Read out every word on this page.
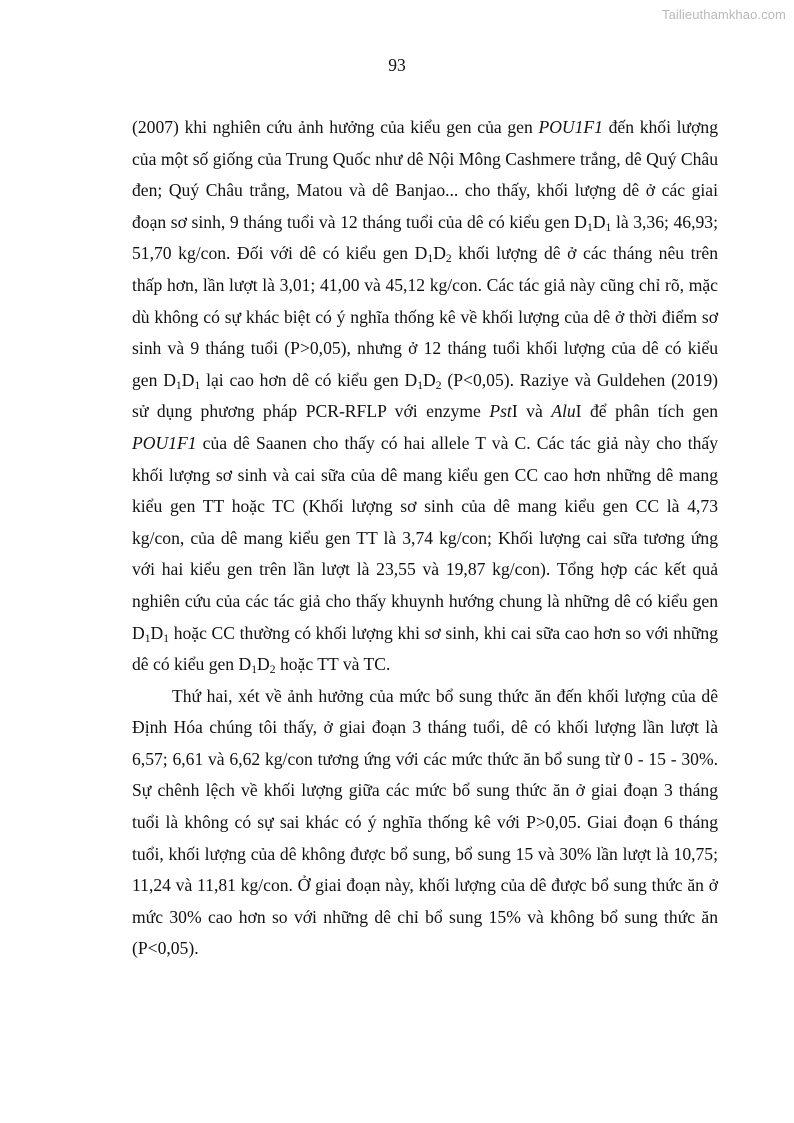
Tailieuthamkhao.com
93

(2007) khi nghiên cứu ảnh hưởng của kiểu gen của gen POU1F1 đến khối lượng của một số giống của Trung Quốc như dê Nội Mông Cashmere trắng, dê Quý Châu đen; Quý Châu trắng, Matou và dê Banjao... cho thấy, khối lượng dê ở các giai đoạn sơ sinh, 9 tháng tuổi và 12 tháng tuổi của dê có kiểu gen $D_1D_1$ là 3,36; 46,93; 51,70 kg/con. Đối với dê có kiểu gen $D_1D_2$ khối lượng dê ở các tháng nêu trên thấp hơn, lần lượt là 3,01; 41,00 và 45,12 kg/con. Các tác giả này cũng chỉ rõ, mặc dù không có sự khác biệt có ý nghĩa thống kê về khối lượng của dê ở thời điểm sơ sinh và 9 tháng tuổi (P>0,05), nhưng ở 12 tháng tuổi khối lượng của dê có kiểu gen $D_1D_1$ lại cao hơn dê có kiểu gen $D_1D_2$ (P<0,05). Raziye và Guldehen (2019) sử dụng phương pháp PCR-RFLP với enzyme PstI và AluI để phân tích gen POU1F1 của dê Saanen cho thấy có hai allele T và C. Các tác giả này cho thấy khối lượng sơ sinh và cai sữa của dê mang kiểu gen CC cao hơn những dê mang kiểu gen TT hoặc TC (Khối lượng sơ sinh của dê mang kiểu gen CC là 4,73 kg/con, của dê mang kiểu gen TT là 3,74 kg/con; Khối lượng cai sữa tương ứng với hai kiểu gen trên lần lượt là 23,55 và 19,87 kg/con). Tổng hợp các kết quả nghiên cứu của các tác giả cho thấy khuynh hướng chung là những dê có kiểu gen $D_1D_1$ hoặc CC thường có khối lượng khi sơ sinh, khi cai sữa cao hơn so với những dê có kiểu gen $D_1D_2$ hoặc TT và TC.

Thứ hai, xét về ảnh hưởng của mức bổ sung thức ăn đến khối lượng của dê Định Hóa chúng tôi thấy, ở giai đoạn 3 tháng tuổi, dê có khối lượng lần lượt là 6,57; 6,61 và 6,62 kg/con tương ứng với các mức thức ăn bổ sung từ 0 - 15 - 30%. Sự chênh lệch về khối lượng giữa các mức bổ sung thức ăn ở giai đoạn 3 tháng tuổi là không có sự sai khác có ý nghĩa thống kê với P>0,05. Giai đoạn 6 tháng tuổi, khối lượng của dê không được bổ sung, bổ sung 15 và 30% lần lượt là 10,75; 11,24 và 11,81 kg/con. Ở giai đoạn này, khối lượng của dê được bổ sung thức ăn ở mức 30% cao hơn so với những dê chỉ bổ sung 15% và không bổ sung thức ăn (P<0,05).
